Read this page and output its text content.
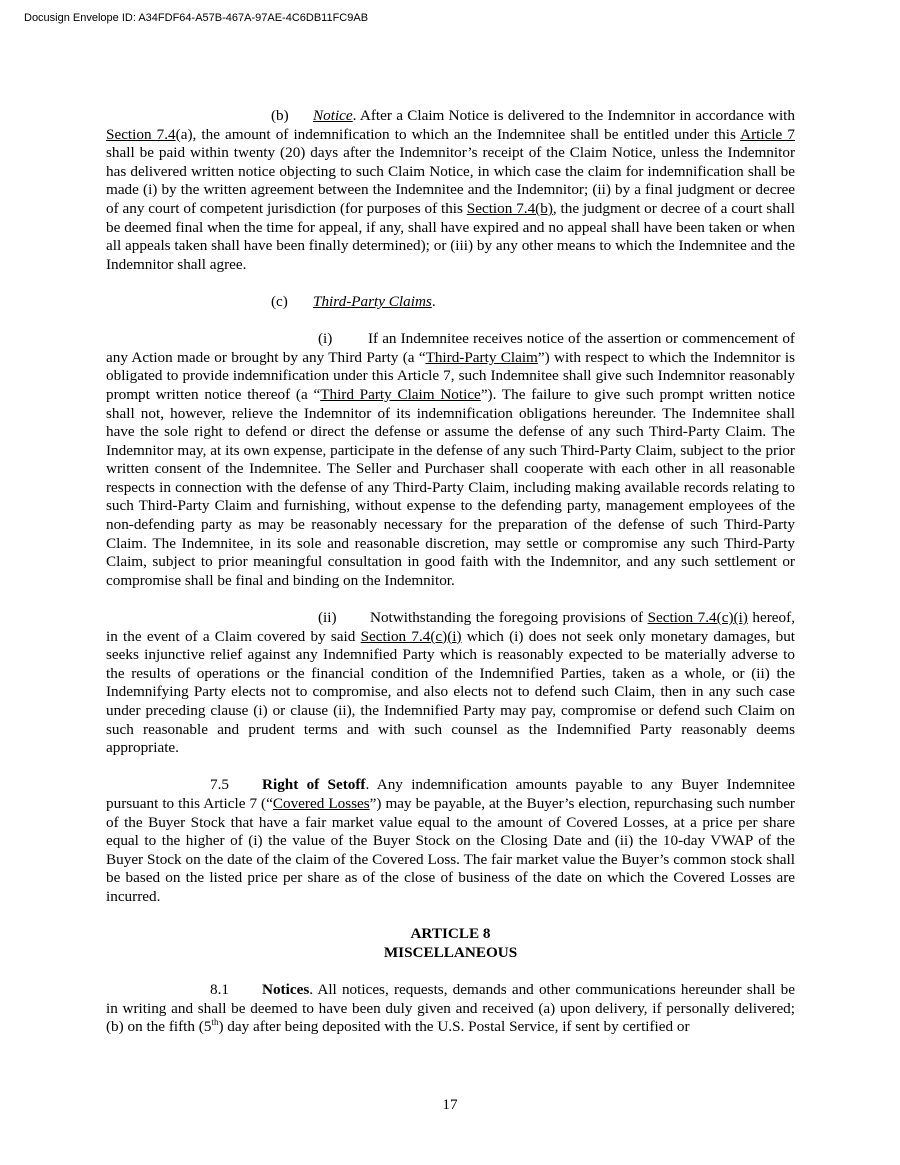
Docusign Envelope ID: A34FDF64-A57B-467A-97AE-4C6DB11FC9AB

(b) Notice. After a Claim Notice is delivered to the Indemnitor in accordance with Section 7.4(a), the amount of indemnification to which an the Indemnitee shall be entitled under this Article 7 shall be paid within twenty (20) days after the Indemnitor’s receipt of the Claim Notice, unless the Indemnitor has delivered written notice objecting to such Claim Notice, in which case the claim for indemnification shall be made (i) by the written agreement between the Indemnitee and the Indemnitor; (ii) by a final judgment or decree of any court of competent jurisdiction (for purposes of this Section 7.4(b), the judgment or decree of a court shall be deemed final when the time for appeal, if any, shall have expired and no appeal shall have been taken or when all appeals taken shall have been finally determined); or (iii) by any other means to which the Indemnitee and the Indemnitor shall agree.

(c) Third-Party Claims.

(i) If an Indemnitee receives notice of the assertion or commencement of any Action made or brought by any Third Party (a “Third-Party Claim”) with respect to which the Indemnitor is obligated to provide indemnification under this Article 7, such Indemnitee shall give such Indemnitor reasonably prompt written notice thereof (a “Third Party Claim Notice”). The failure to give such prompt written notice shall not, however, relieve the Indemnitor of its indemnification obligations hereunder. The Indemnitee shall have the sole right to defend or direct the defense or assume the defense of any such Third-Party Claim. The Indemnitor may, at its own expense, participate in the defense of any such Third-Party Claim, subject to the prior written consent of the Indemnitee. The Seller and Purchaser shall cooperate with each other in all reasonable respects in connection with the defense of any Third-Party Claim, including making available records relating to such Third-Party Claim and furnishing, without expense to the defending party, management employees of the non-defending party as may be reasonably necessary for the preparation of the defense of such Third-Party Claim. The Indemnitee, in its sole and reasonable discretion, may settle or compromise any such Third-Party Claim, subject to prior meaningful consultation in good faith with the Indemnitor, and any such settlement or compromise shall be final and binding on the Indemnitor.

(ii) Notwithstanding the foregoing provisions of Section 7.4(c)(i) hereof, in the event of a Claim covered by said Section 7.4(c)(i) which (i) does not seek only monetary damages, but seeks injunctive relief against any Indemnified Party which is reasonably expected to be materially adverse to the results of operations or the financial condition of the Indemnified Parties, taken as a whole, or (ii) the Indemnifying Party elects not to compromise, and also elects not to defend such Claim, then in any such case under preceding clause (i) or clause (ii), the Indemnified Party may pay, compromise or defend such Claim on such reasonable and prudent terms and with such counsel as the Indemnified Party reasonably deems appropriate.

7.5 Right of Setoff. Any indemnification amounts payable to any Buyer Indemnitee pursuant to this Article 7 (“Covered Losses”) may be payable, at the Buyer’s election, repurchasing such number of the Buyer Stock that have a fair market value equal to the amount of Covered Losses, at a price per share equal to the higher of (i) the value of the Buyer Stock on the Closing Date and (ii) the 10-day VWAP of the Buyer Stock on the date of the claim of the Covered Loss. The fair market value the Buyer’s common stock shall be based on the listed price per share as of the close of business of the date on which the Covered Losses are incurred.

ARTICLE 8

MISCELLANEOUS

8.1 Notices. All notices, requests, demands and other communications hereunder shall be in writing and shall be deemed to have been duly given and received (a) upon delivery, if personally delivered; (b) on the fifth (5th) day after being deposited with the U.S. Postal Service, if sent by certified or

17
